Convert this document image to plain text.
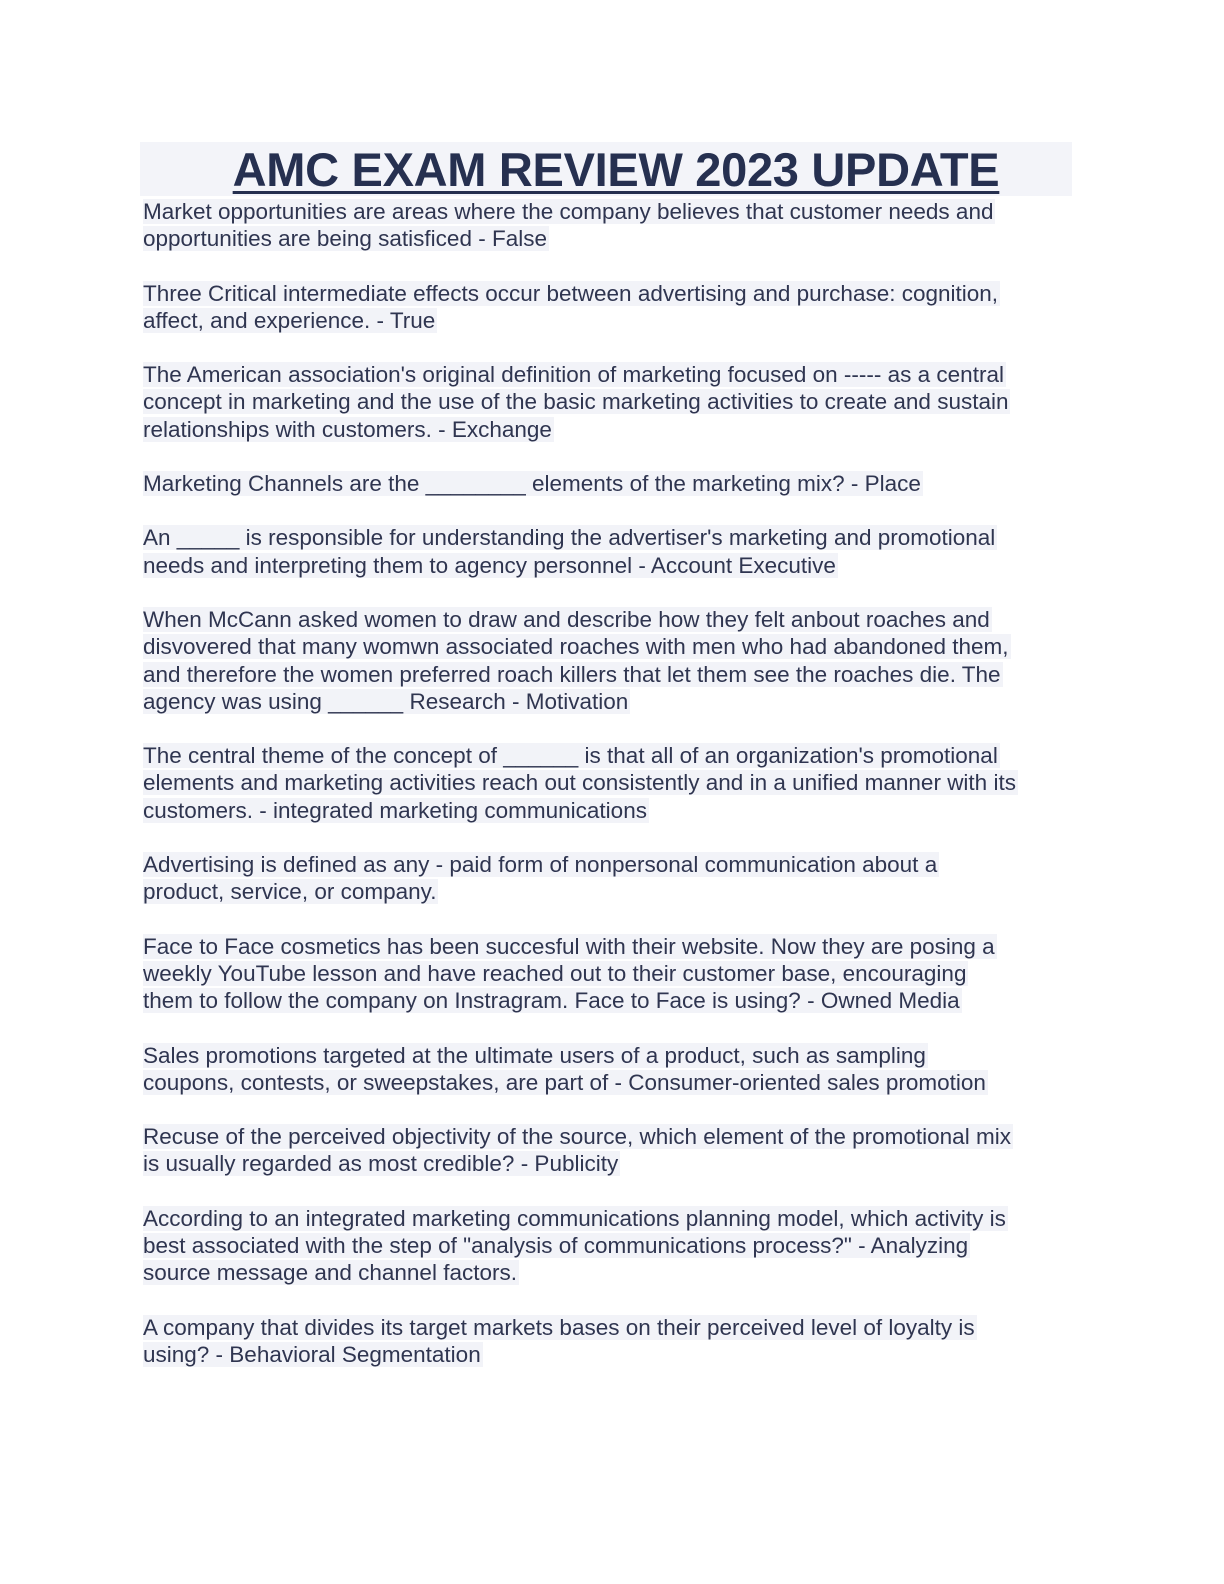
AMC EXAM REVIEW 2023 UPDATE
Market opportunities are areas where the company believes that customer needs and
opportunities are being satisficed - False
Three Critical intermediate effects occur between advertising and purchase: cognition,
affect, and experience. - True
The American association's original definition of marketing focused on ----- as a central
concept in marketing and the use of the basic marketing activities to create and sustain
relationships with customers. - Exchange
Marketing Channels are the ________ elements of the marketing mix? - Place
An _____ is responsible for understanding the advertiser's marketing and promotional
needs and interpreting them to agency personnel - Account Executive
When McCann asked women to draw and describe how they felt anbout roaches and
disvovered that many womwn associated roaches with men who had abandoned them,
and therefore the women preferred roach killers that let them see the roaches die. The
agency was using ______ Research - Motivation
The central theme of the concept of ______ is that all of an organization's promotional
elements and marketing activities reach out consistently and in a unified manner with its
customers. - integrated marketing communications
Advertising is defined as any - paid form of nonpersonal communication about a
product, service, or company.
Face to Face cosmetics has been succesful with their website. Now they are posing a
weekly YouTube lesson and have reached out to their customer base, encouraging
them to follow the company on Instragram. Face to Face is using? - Owned Media
Sales promotions targeted at the ultimate users of a product, such as sampling
coupons, contests, or sweepstakes, are part of - Consumer-oriented sales promotion
Recuse of the perceived objectivity of the source, which element of the promotional mix
is usually regarded as most credible? - Publicity
According to an integrated marketing communications planning model, which activity is
best associated with the step of "analysis of communications process?" - Analyzing
source message and channel factors.
A company that divides its target markets bases on their perceived level of loyalty is
using? - Behavioral Segmentation
